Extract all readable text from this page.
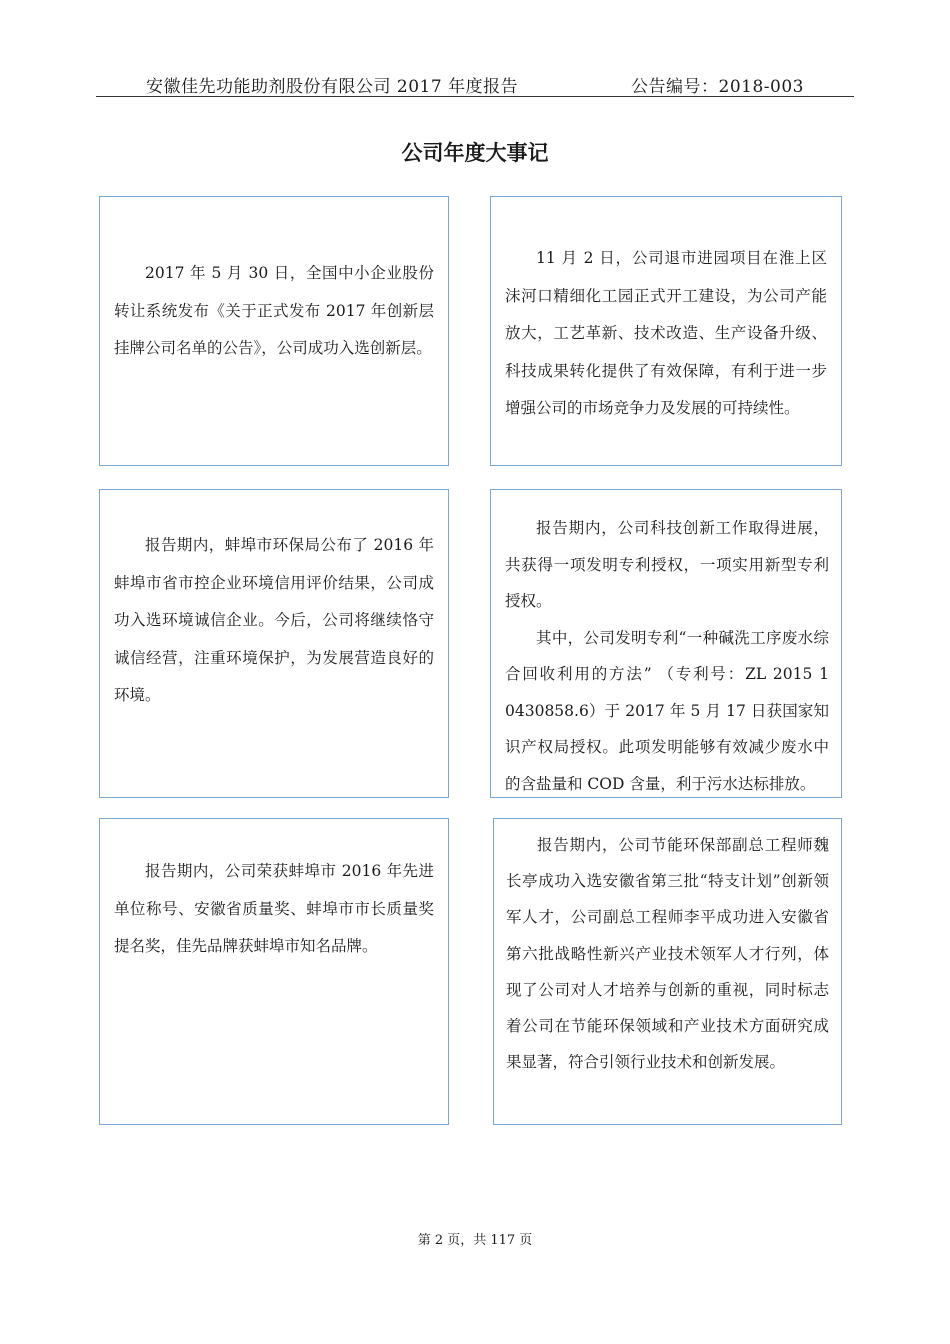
安徽佳先功能助剂股份有限公司 2017 年度报告	公告编号：2018-003
公司年度大事记

2017 年 5 月 30 日，全国中小企业股份转让系统发布《关于正式发布 2017 年创新层挂牌公司名单的公告》，公司成功入选创新层。

11 月 2 日，公司退市进园项目在淮上区沫河口精细化工园正式开工建设，为公司产能放大，工艺革新、技术改造、生产设备升级、科技成果转化提供了有效保障，有利于进一步增强公司的市场竞争力及发展的可持续性。

报告期内，蚌埠市环保局公布了 2016 年蚌埠市省市控企业环境信用评价结果，公司成功入选环境诚信企业。今后，公司将继续恪守诚信经营，注重环境保护，为发展营造良好的环境。

报告期内，公司科技创新工作取得进展，共获得一项发明专利授权，一项实用新型专利授权。

其中，公司发明专利“一种碱洗工序废水综合回收利用的方法” （专利号：ZL 2015 1 0430858.6）于 2017 年 5 月 17 日获国家知识产权局授权。此项发明能够有效减少废水中的含盐量和 COD 含量，利于污水达标排放。

报告期内，公司荣获蚌埠市 2016 年先进单位称号、安徽省质量奖、蚌埠市市长质量奖提名奖，佳先品牌获蚌埠市知名品牌。

报告期内，公司节能环保部副总工程师魏长亭成功入选安徽省第三批“特支计划”创新领军人才，公司副总工程师李平成功进入安徽省第六批战略性新兴产业技术领军人才行列，体现了公司对人才培养与创新的重视，同时标志着公司在节能环保领域和产业技术方面研究成果显著，符合引领行业技术和创新发展。

第 2 页，共 117 页
